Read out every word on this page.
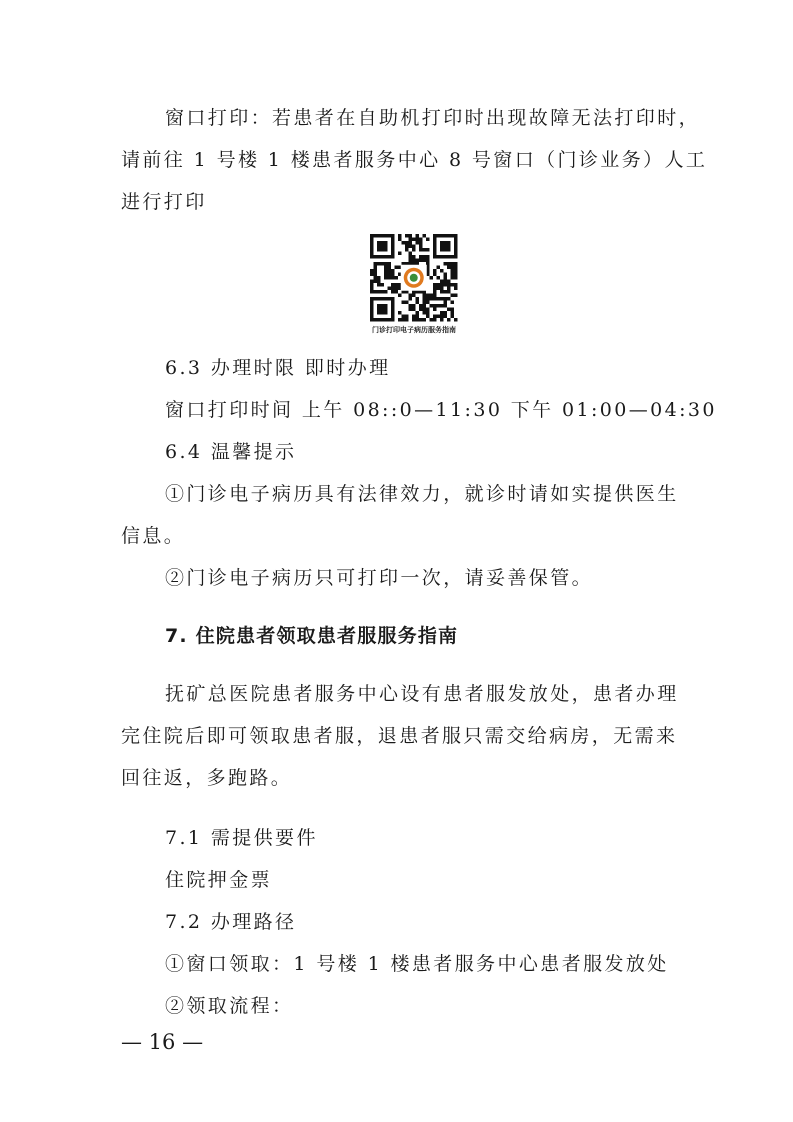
窗口打印：若患者在自助机打印时出现故障无法打印时，
请前往 1 号楼 1 楼患者服务中心 8 号窗口（门诊业务）人工
进行打印
门诊打印电子病历服务指南
6.3 办理时限 即时办理
窗口打印时间 上午 08::0—11:30 下午 01:00—04:30
6.4 温馨提示
①门诊电子病历具有法律效力，就诊时请如实提供医生
信息。
②门诊电子病历只可打印一次，请妥善保管。
7. 住院患者领取患者服服务指南
抚矿总医院患者服务中心设有患者服发放处，患者办理
完住院后即可领取患者服，退患者服只需交给病房，无需来
回往返，多跑路。
7.1 需提供要件
住院押金票
7.2 办理路径
①窗口领取：1 号楼 1 楼患者服务中心患者服发放处
②领取流程：
— 16 —
